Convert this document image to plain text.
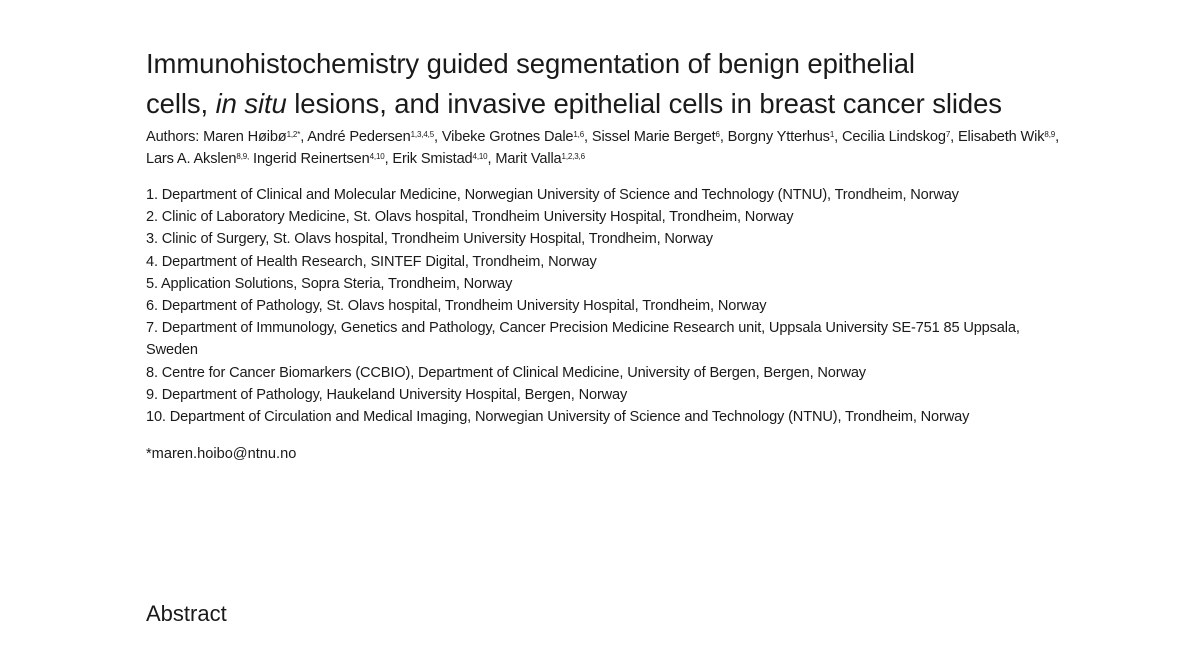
Immunohistochemistry guided segmentation of benign epithelial
cells, in situ lesions, and invasive epithelial cells in breast cancer slides
Authors: Maren Høibø$^{1,2*}$, André Pedersen$^{1,3,4,5}$, Vibeke Grotnes Dale$^{1,6}$, Sissel Marie Berget$^6$, Borgny Ytterhus$^1$, Cecilia Lindskog$^7$, Elisabeth Wik$^{8,9}$, Lars A. Akslen$^{8,9,}$ Ingerid Reinertsen$^{4,10}$, Erik Smistad$^{4,10}$, Marit Valla$^{1,2,3,6}$
1. Department of Clinical and Molecular Medicine, Norwegian University of Science and Technology (NTNU), Trondheim, Norway
2. Clinic of Laboratory Medicine, St. Olavs hospital, Trondheim University Hospital, Trondheim, Norway
3. Clinic of Surgery, St. Olavs hospital, Trondheim University Hospital, Trondheim, Norway
4. Department of Health Research, SINTEF Digital, Trondheim, Norway
5. Application Solutions, Sopra Steria, Trondheim, Norway
6. Department of Pathology, St. Olavs hospital, Trondheim University Hospital, Trondheim, Norway
7. Department of Immunology, Genetics and Pathology, Cancer Precision Medicine Research unit, Uppsala University SE-751 85 Uppsala, Sweden
8. Centre for Cancer Biomarkers (CCBIO), Department of Clinical Medicine, University of Bergen, Bergen, Norway
9. Department of Pathology, Haukeland University Hospital, Bergen, Norway
10. Department of Circulation and Medical Imaging, Norwegian University of Science and Technology (NTNU), Trondheim, Norway
*maren.hoibo@ntnu.no
Abstract
